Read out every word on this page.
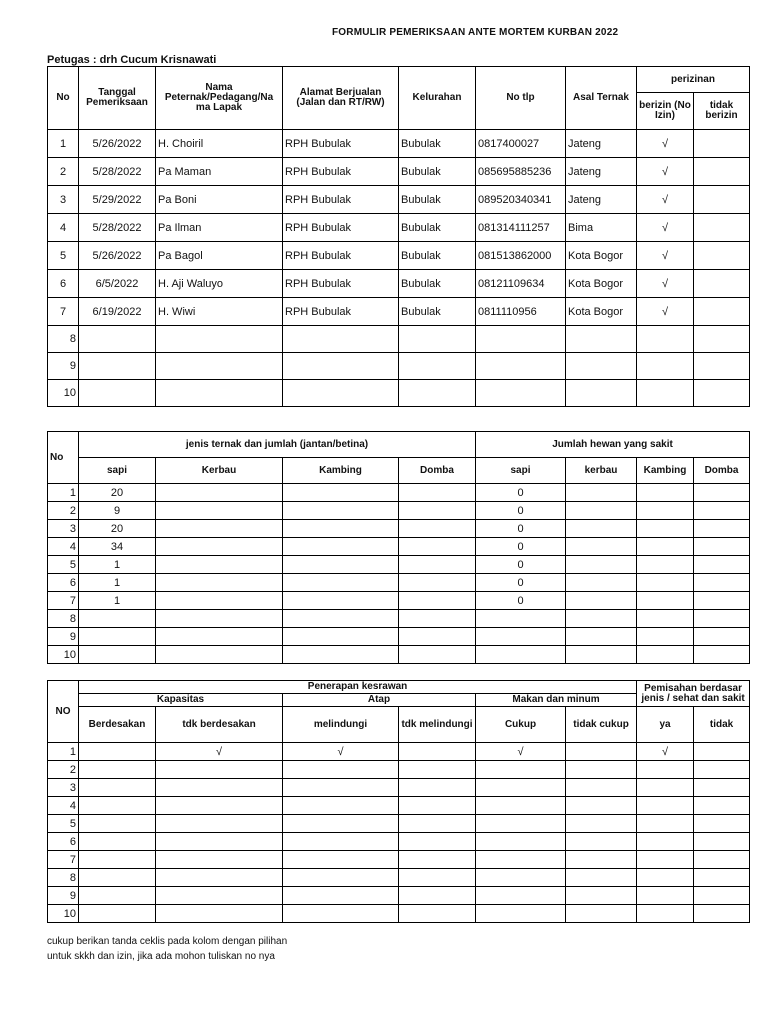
FORMULIR PEMERIKSAAN ANTE MORTEM KURBAN 2022
Petugas : drh Cucum Krisnawati
No	Tanggal Pemeriksaan	Nama Peternak/Pedagang/Na ma Lapak	Alamat Berjualan (Jalan dan RT/RW)	Kelurahan	No tlp	Asal Ternak	perizinan	
							berizin (No Izin)	tidak berizin
1	5/26/2022	H. Choiril	RPH Bubulak	Bubulak	0817400027	Jateng	√	
2	5/28/2022	Pa Maman	RPH Bubulak	Bubulak	085695885236	Jateng	√	
3	5/29/2022	Pa Boni	RPH Bubulak	Bubulak	089520340341	Jateng	√	
4	5/28/2022	Pa Ilman	RPH Bubulak	Bubulak	081314111257	Bima	√	
5	5/26/2022	Pa Bagol	RPH Bubulak	Bubulak	081513862000	Kota Bogor	√	
6	6/5/2022	H. Aji Waluyo	RPH Bubulak	Bubulak	08121109634	Kota Bogor	√	
7	6/19/2022	H. Wiwi	RPH Bubulak	Bubulak	0811110956	Kota Bogor	√	
8								
9								
10								
No	jenis ternak dan jumlah (jantan/betina)				Jumlah hewan yang sakit			
	sapi	Kerbau	Kambing	Domba	sapi	kerbau	Kambing	Domba
1	20				0			
2	9				0			
3	20				0			
4	34				0			
5	1				0			
6	1				0			
7	1				0			
8								
9								
10								
NO	Penerapan kesrawan						Pemisahan berdasar jenis / sehat dan sakit	
	Kapasitas		Atap		Makan dan minum			
	Berdesakan	tdk berdesakan	melindungi	tdk melindungi	Cukup	tidak cukup	ya	tidak
1		√	√		√		√	
2								
3								
4								
5								
6								
7								
8								
9								
10								
cukup berikan tanda ceklis pada kolom dengan pilihan
untuk skkh dan izin, jika ada mohon tuliskan no nya
